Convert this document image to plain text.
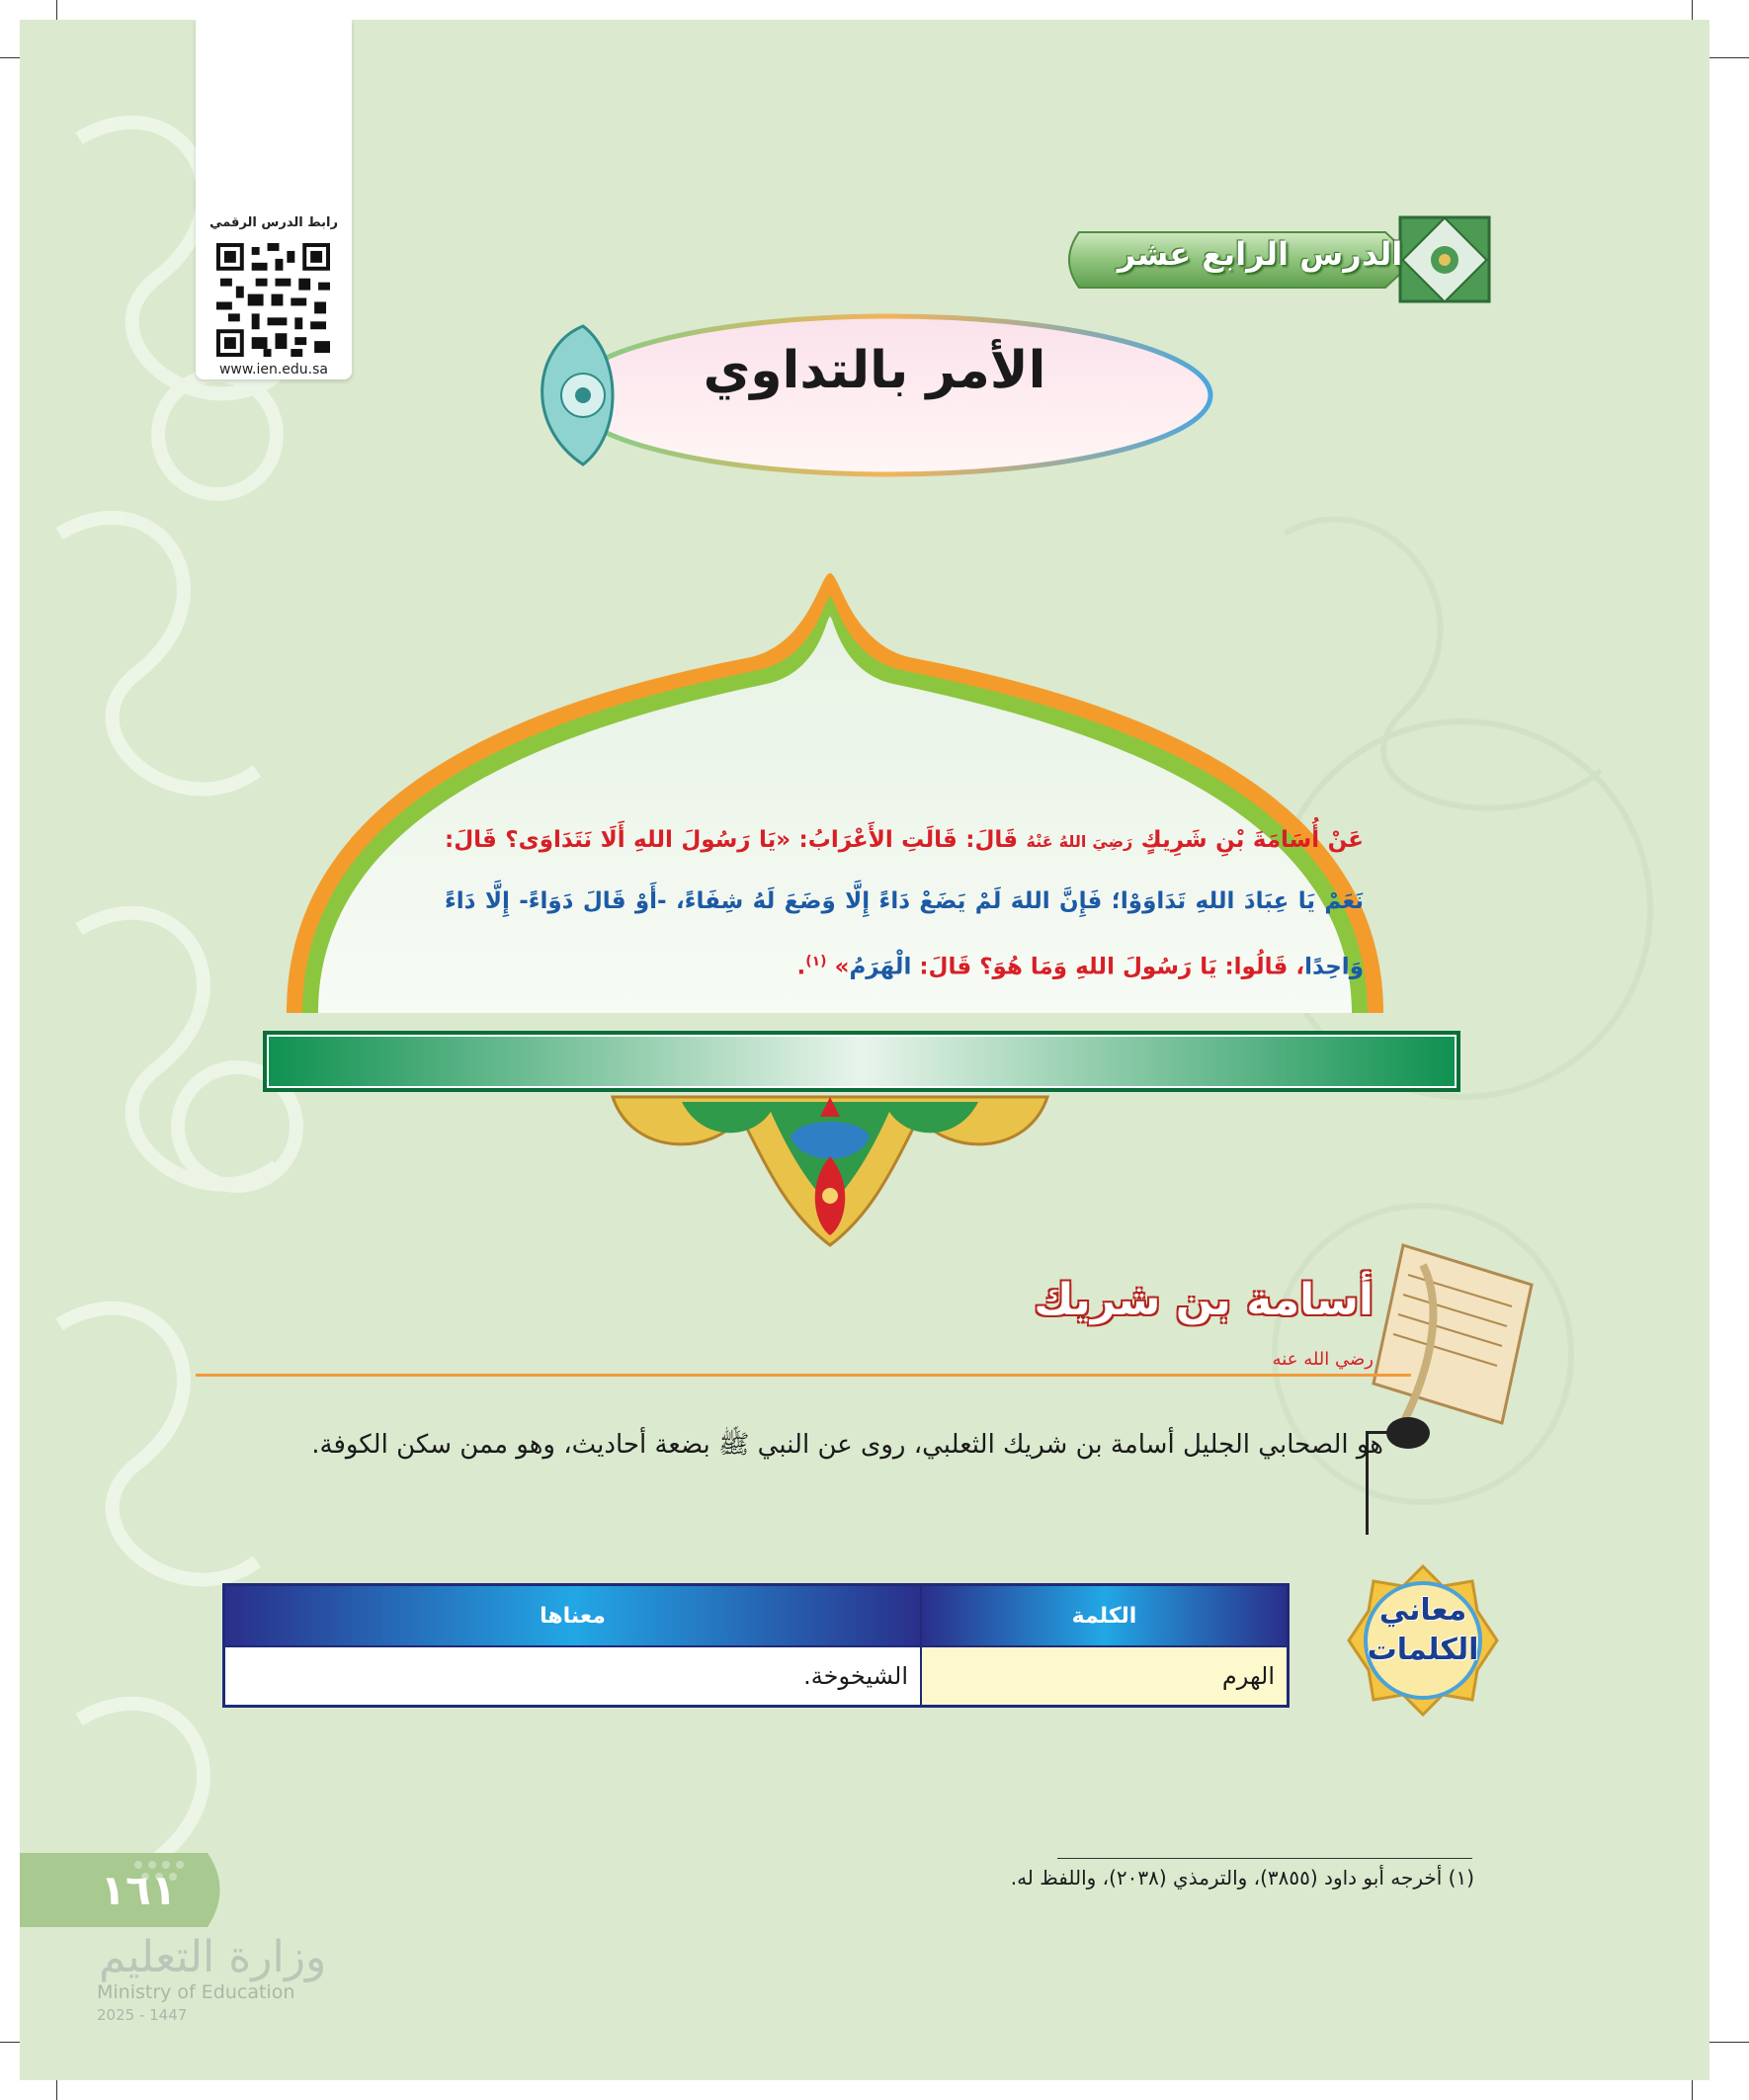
رابط الدرس الرقمي
www.ien.edu.sa
الدرس الرابع عشر
الأمر بالتداوي
عَنْ أُسَامَةَ بْنِ شَرِيكٍ رَضِيَ اللهُ عَنْهُ قَالَ: قَالَتِ الأَعْرَابُ: «يَا رَسُولَ اللهِ أَلَا نَتَدَاوَى؟ قَالَ: نَعَمْ يَا عِبَادَ اللهِ تَدَاوَوْا؛ فَإِنَّ اللهَ لَمْ يَضَعْ دَاءً إِلَّا وَضَعَ لَهُ شِفَاءً، -أَوْ قَالَ دَوَاءً- إِلَّا دَاءً وَاحِدًا، قَالُوا: يَا رَسُولَ اللهِ وَمَا هُوَ؟ قَالَ: الْهَرَمُ» $^{(١)}$.
أسامة بن شريك رضي الله عنه
هو الصحابي الجليل أسامة بن شريك الثعلبي، روى عن النبي ﷺ بضعة أحاديث، وهو ممن سكن الكوفة.
معاني
الكلمات
الكلمة	معناها
الهرم	الشيخوخة.
(١) أخرجه أبو داود (٣٨٥٥)، والترمذي (٢٠٣٨)، واللفظ له.
١٦١
وزارة التعليم
Ministry of Education
2025 - 1447
